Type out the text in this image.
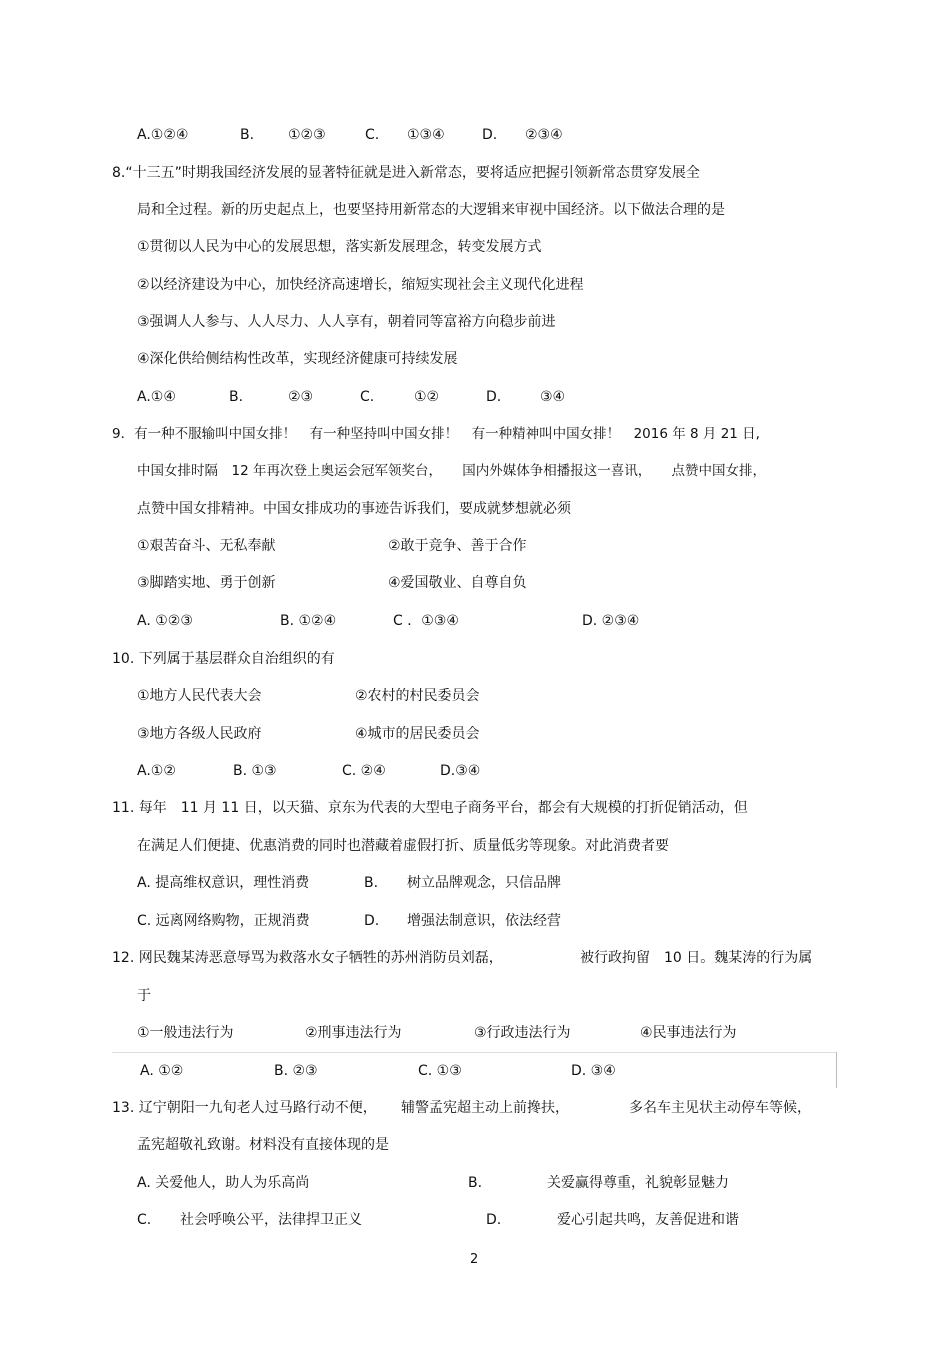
A.①②④	B. ①②③	C. ①③④	D. ②③④
8.“十三五”时期我国经济发展的显著特征就是进入新常态，要将适应把握引领新常态贯穿发展全
局和全过程。新的历史起点上，也要坚持用新常态的大逻辑来审视中国经济。以下做法合理的是
①贯彻以人民为中心的发展思想，落实新发展理念，转变发展方式
②以经济建设为中心，加快经济高速增长，缩短实现社会主义现代化进程
③强调人人参与、人人尽力、人人享有，朝着同等富裕方向稳步前进
④深化供给侧结构性改革，实现经济健康可持续发展
A.①④	B.	②③	C.	①②	D.	③④
9．有一种不服输叫中国女排！　有一种坚持叫中国女排！　有一种精神叫中国女排！　2016 年 8 月 21 日,
中国女排时隔　12 年再次登上奥运会冠军领奖台，　　国内外媒体争相播报这一喜讯，　　点赞中国女排，
点赞中国女排精神。中国女排成功的事迹告诉我们，要成就梦想就必须
①艰苦奋斗、无私奉献	②敢于竞争、善于合作
③脚踏实地、勇于创新	④爱国敬业、自尊自负
A. ①②③	B. ①②④	C ．①③④	D. ②③④
10. 下列属于基层群众自治组织的有
①地方人民代表大会	②农村的村民委员会
③地方各级人民政府	④城市的居民委员会
A.①②	B. ①③	C. ②④	D.③④
11. 每年　11 月 11 日，以天猫、京东为代表的大型电子商务平台，都会有大规模的打折促销活动，但
在满足人们便捷、优惠消费的同时也潜藏着虚假打折、质量低劣等现象。对此消费者要
A. 提高维权意识，理性消费	B. 树立品牌观念，只信品牌
C. 远离网络购物，正规消费	D. 增强法制意识，依法经营
12. 网民魏某涛恶意辱骂为救落水女子牺牲的苏州消防员刘磊，	被行政拘留　10 日。魏某涛的行为属
于
①一般违法行为	②刑事违法行为	③行政违法行为	④民事违法行为
A. ①②	B. ②③	C. ①③	D. ③④
13. 辽宁朝阳一九旬老人过马路行动不便， 辅警孟宪超主动上前搀扶，	多名车主见状主动停车等候，
孟宪超敬礼致谢。材料没有直接体现的是
A. 关爱他人，助人为乐高尚	B.	关爱赢得尊重，礼貌彰显魅力
C. 社会呼唤公平，法律捍卫正义	D.	爱心引起共鸣，友善促进和谐
2
